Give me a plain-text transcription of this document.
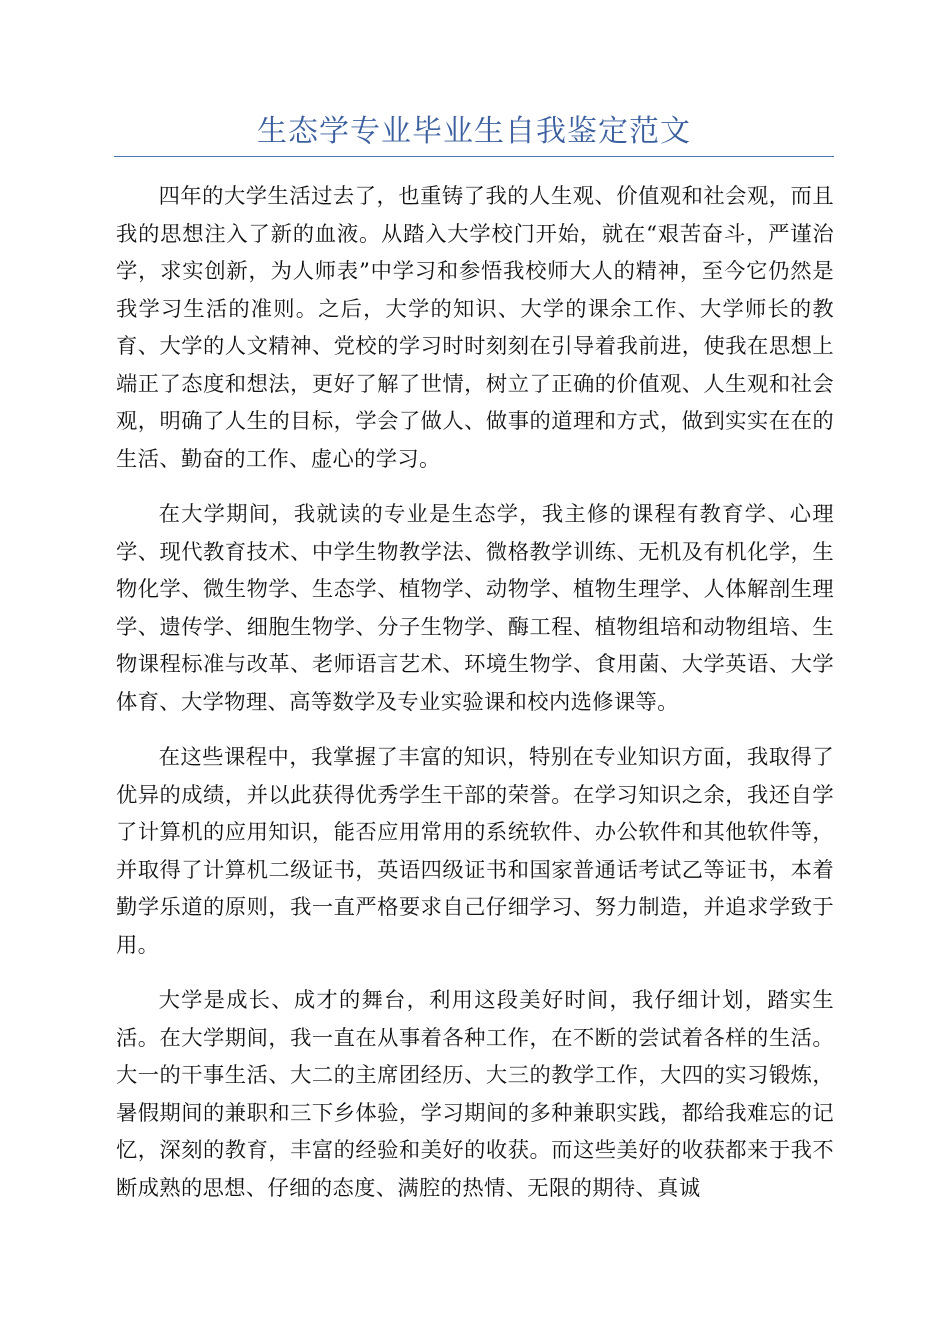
生态学专业毕业生自我鉴定范文

四年的大学生活过去了，也重铸了我的人生观、价值观和社会观，而且我的思想注入了新的血液。从踏入大学校门开始，就在“艰苦奋斗，严谨治学，求实创新，为人师表”中学习和参悟我校师大人的精神，至今它仍然是我学习生活的准则。之后，大学的知识、大学的课余工作、大学师长的教育、大学的人文精神、党校的学习时时刻刻在引导着我前进，使我在思想上端正了态度和想法，更好了解了世情，树立了正确的价值观、人生观和社会观，明确了人生的目标，学会了做人、做事的道理和方式，做到实实在在的生活、勤奋的工作、虚心的学习。

在大学期间，我就读的专业是生态学，我主修的课程有教育学、心理学、现代教育技术、中学生物教学法、微格教学训练、无机及有机化学，生物化学、微生物学、生态学、植物学、动物学、植物生理学、人体解剖生理学、遗传学、细胞生物学、分子生物学、酶工程、植物组培和动物组培、生物课程标准与改革、老师语言艺术、环境生物学、食用菌、大学英语、大学体育、大学物理、高等数学及专业实验课和校内选修课等。

在这些课程中，我掌握了丰富的知识，特别在专业知识方面，我取得了优异的成绩，并以此获得优秀学生干部的荣誉。在学习知识之余，我还自学了计算机的应用知识，能否应用常用的系统软件、办公软件和其他软件等，并取得了计算机二级证书，英语四级证书和国家普通话考试乙等证书，本着勤学乐道的原则，我一直严格要求自己仔细学习、努力制造，并追求学致于用。

大学是成长、成才的舞台，利用这段美好时间，我仔细计划，踏实生活。在大学期间，我一直在从事着各种工作，在不断的尝试着各样的生活。大一的干事生活、大二的主席团经历、大三的教学工作，大四的实习锻炼，暑假期间的兼职和三下乡体验，学习期间的多种兼职实践，都给我难忘的记忆，深刻的教育，丰富的经验和美好的收获。而这些美好的收获都来于我不断成熟的思想、仔细的态度、满腔的热情、无限的期待、真诚
